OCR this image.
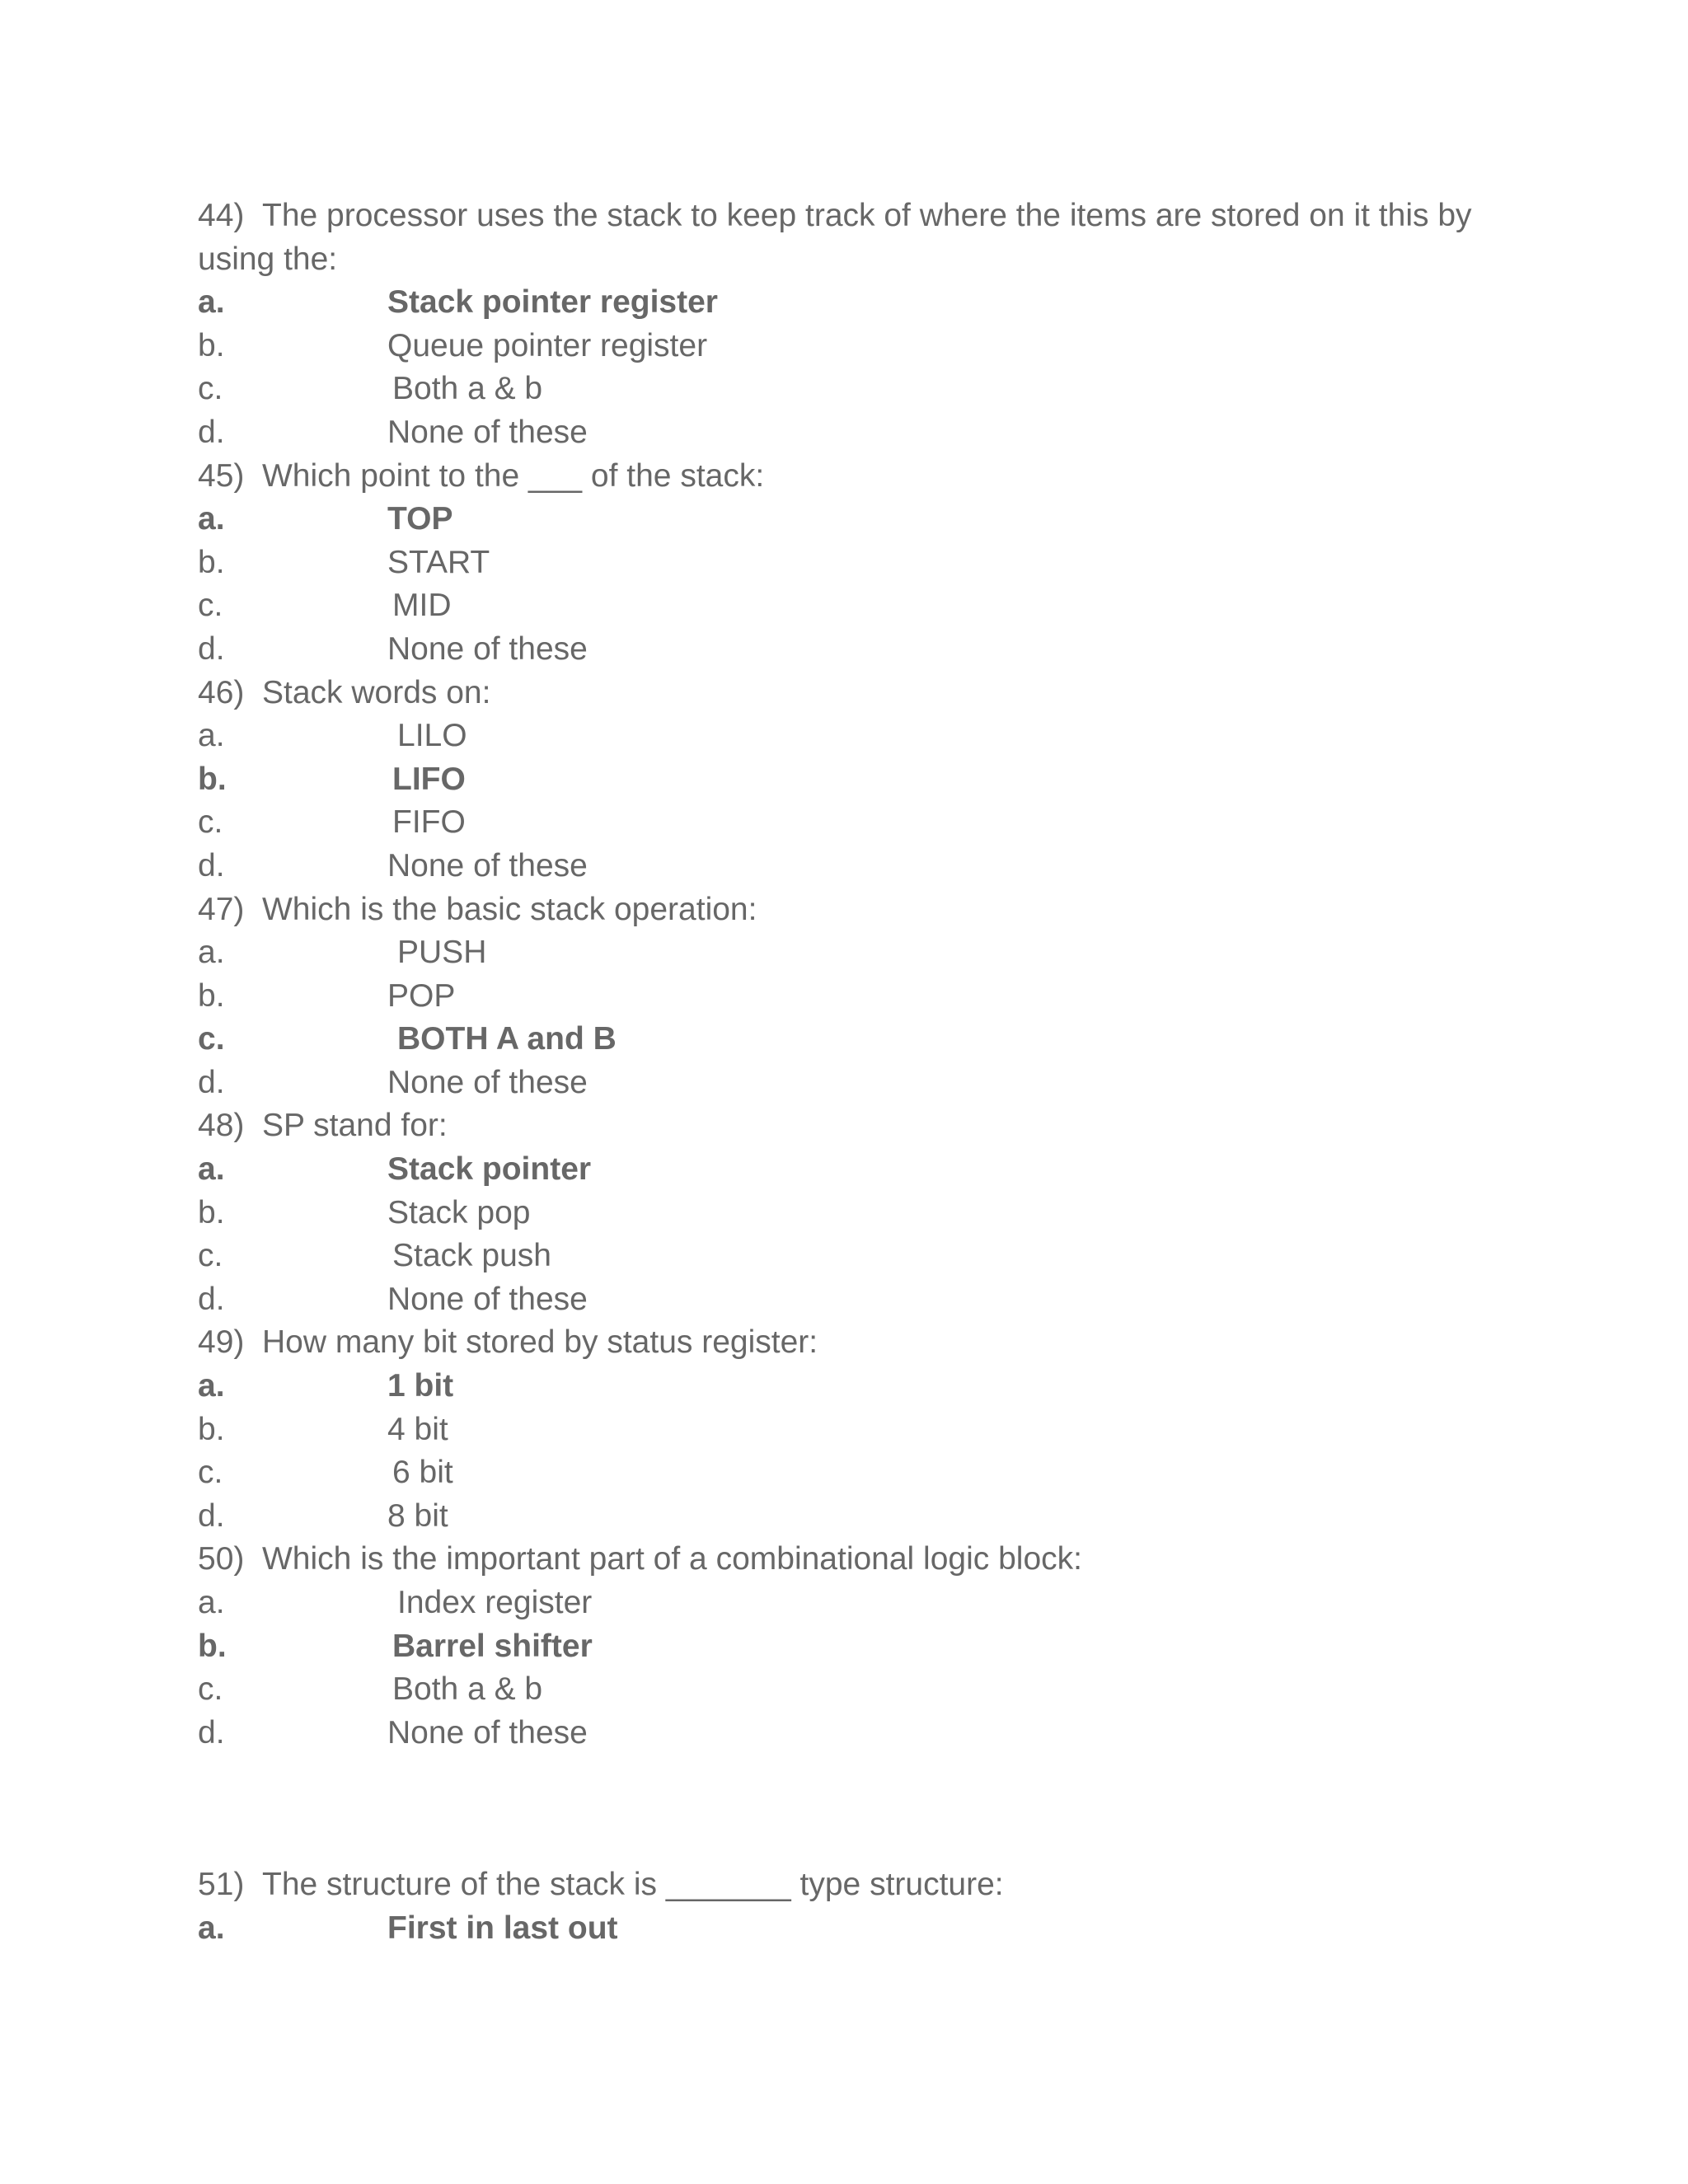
44) The processor uses the stack to keep track of where the items are stored on it this by using the:
a.	Stack pointer register
b.	Queue pointer register
c.	Both a & b
d.	None of these
45) Which point to the ___ of the stack:
a.	TOP
b.	START
c.	MID
d.	None of these
46) Stack words on:
a.	LILO
b.	LIFO
c.	FIFO
d.	None of these
47) Which is the basic stack operation:
a.	PUSH
b.	POP
c.	BOTH A and B
d.	None of these
48) SP stand for:
a.	Stack pointer
b.	Stack pop
c.	Stack push
d.	None of these
49) How many bit stored by status register:
a.	1 bit
b.	4 bit
c.	6 bit
d.	8 bit
50) Which is the important part of a combinational logic block:
a.	Index register
b.	Barrel shifter
c.	Both a & b
d.	None of these
51) The structure of the stack is _______ type structure:
a.	First in last out
